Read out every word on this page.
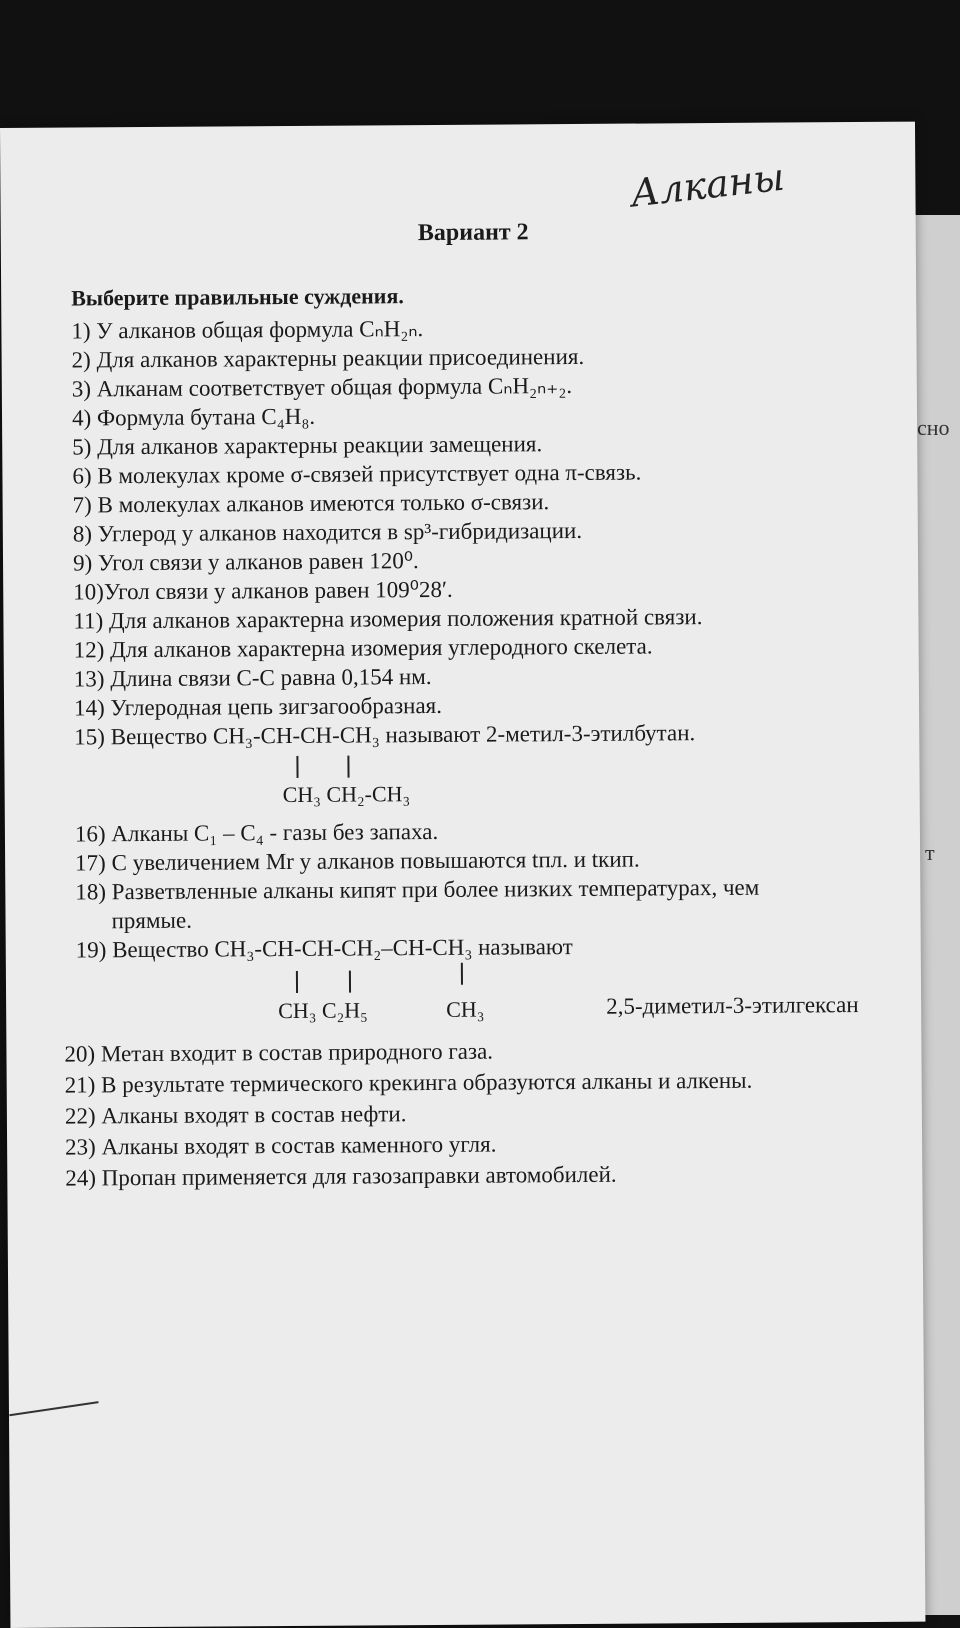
сно
т
Алканы
Вариант 2
Выберите правильные суждения.
1) У алканов общая формула CₙH₂ₙ.
2) Для алканов характерны реакции присоединения.
3) Алканам соответствует общая формула CₙH₂ₙ₊₂.
4) Формула бутана C₄H₈.
5) Для алканов характерны реакции замещения.
6) В молекулах кроме σ-связей присутствует одна π-связь.
7) В молекулах алканов имеются только σ-связи.
8) Углерод у алканов находится в sp³-гибридизации.
9) Угол связи у алканов равен 120⁰.
10)Угол связи у алканов равен 109⁰28′.
11) Для алканов характерна изомерия положения кратной связи.
12) Для алканов характерна изомерия углеродного скелета.
13) Длина связи С-С равна 0,154 нм.
14) Углеродная цепь зигзагообразная.
15) Вещество CH₃-CH-CH-CH₃ называют 2-метил-3-этилбутан.
CH₃ CH₂-CH₃
16) Алканы C₁ – C₄ - газы без запаха.
17) С увеличением Mr у алканов повышаются tпл. и tкип.
18) Разветвленные алканы кипят при более низких температурах, чем
прямые.
19) Вещество CH₃-CH-CH-CH₂–CH-CH₃ называют
CH₃ C₂H₅	CH₃	2,5-диметил-3-этилгексан
20) Метан входит в состав природного газа.
21) В результате термического крекинга образуются алканы и алкены.
22) Алканы входят в состав нефти.
23) Алканы входят в состав каменного угля.
24) Пропан применяется для газозаправки автомобилей.
